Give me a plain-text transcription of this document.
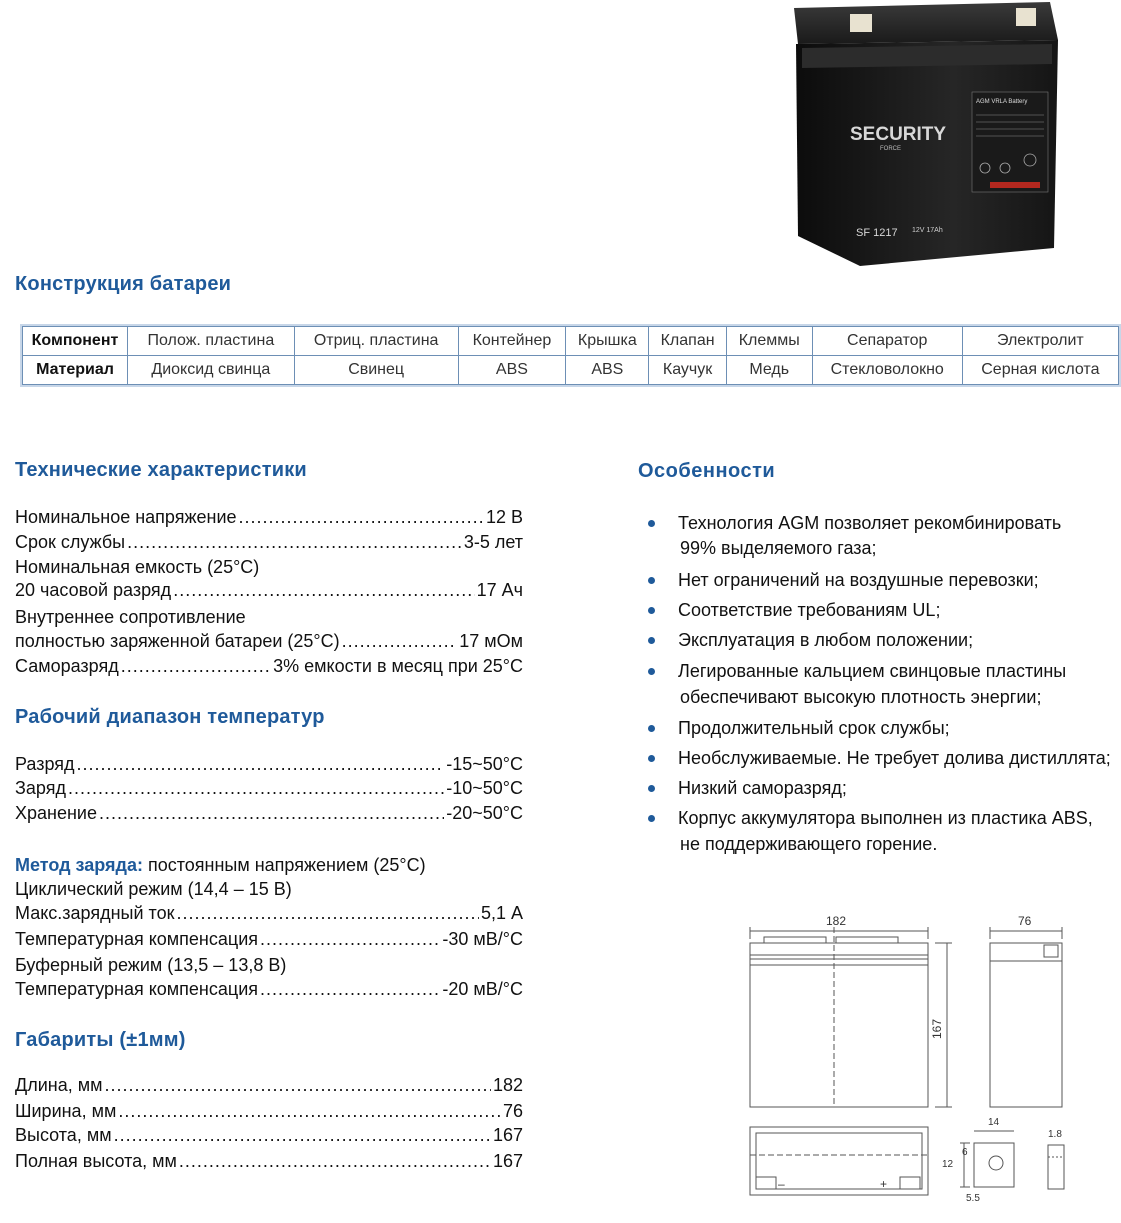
SECURITY
FORCE
AGM VRLA Battery
SF 1217 12V 17Ah
Конструкция батареи
Компонент	Полож. пластина	Отриц. пластина	Контейнер	Крышка	Клапан	Клеммы	Сепаратор	Электролит
Материал	Диоксид свинца	Свинец	ABS	ABS	Каучук	Медь	Стекловолокно	Серная кислота
Технические характеристики
Номинальное напряжение .....	12 В
Срок службы .....	3-5 лет
Номинальная емкость (25°С)
20 часовой разряд .....	17 Ач
Внутреннее сопротивление
полностью заряженной батареи (25°С) .....	17 мОм
Саморазряд .....	3% емкости в месяц при 25°С
Рабочий диапазон температур
Разряд .....	-15~50°С
Заряд .....	-10~50°С
Хранение .....	-20~50°С
Метод заряда: постоянным напряжением (25°С)
Циклический режим (14,4 – 15 В)
Макс.зарядный ток .....	5,1 А
Температурная компенсация .....	-30 мВ/°С
Буферный режим (13,5 – 13,8 В)
Температурная компенсация .....	-20 мВ/°С
Габариты (±1мм)
Длина, мм .....	182
Ширина, мм .....	76
Высота, мм .....	167
Полная высота, мм .....	167
Особенности
Технология AGM позволяет рекомбинировать
99% выделяемого газа;
Нет ограничений на воздушные перевозки;
Соответствие требованиям UL;
Эксплуатация в любом положении;
Легированные кальцием свинцовые пластины
обеспечивают высокую плотность энергии;
Продолжительный срок службы;
Необслуживаемые. Не требует долива дистиллята;
Низкий саморазряд;
Корпус аккумулятора выполнен из пластика ABS,
не поддерживающего горение.
182	76
167
14
12
6
5.5
1.8
–	+
